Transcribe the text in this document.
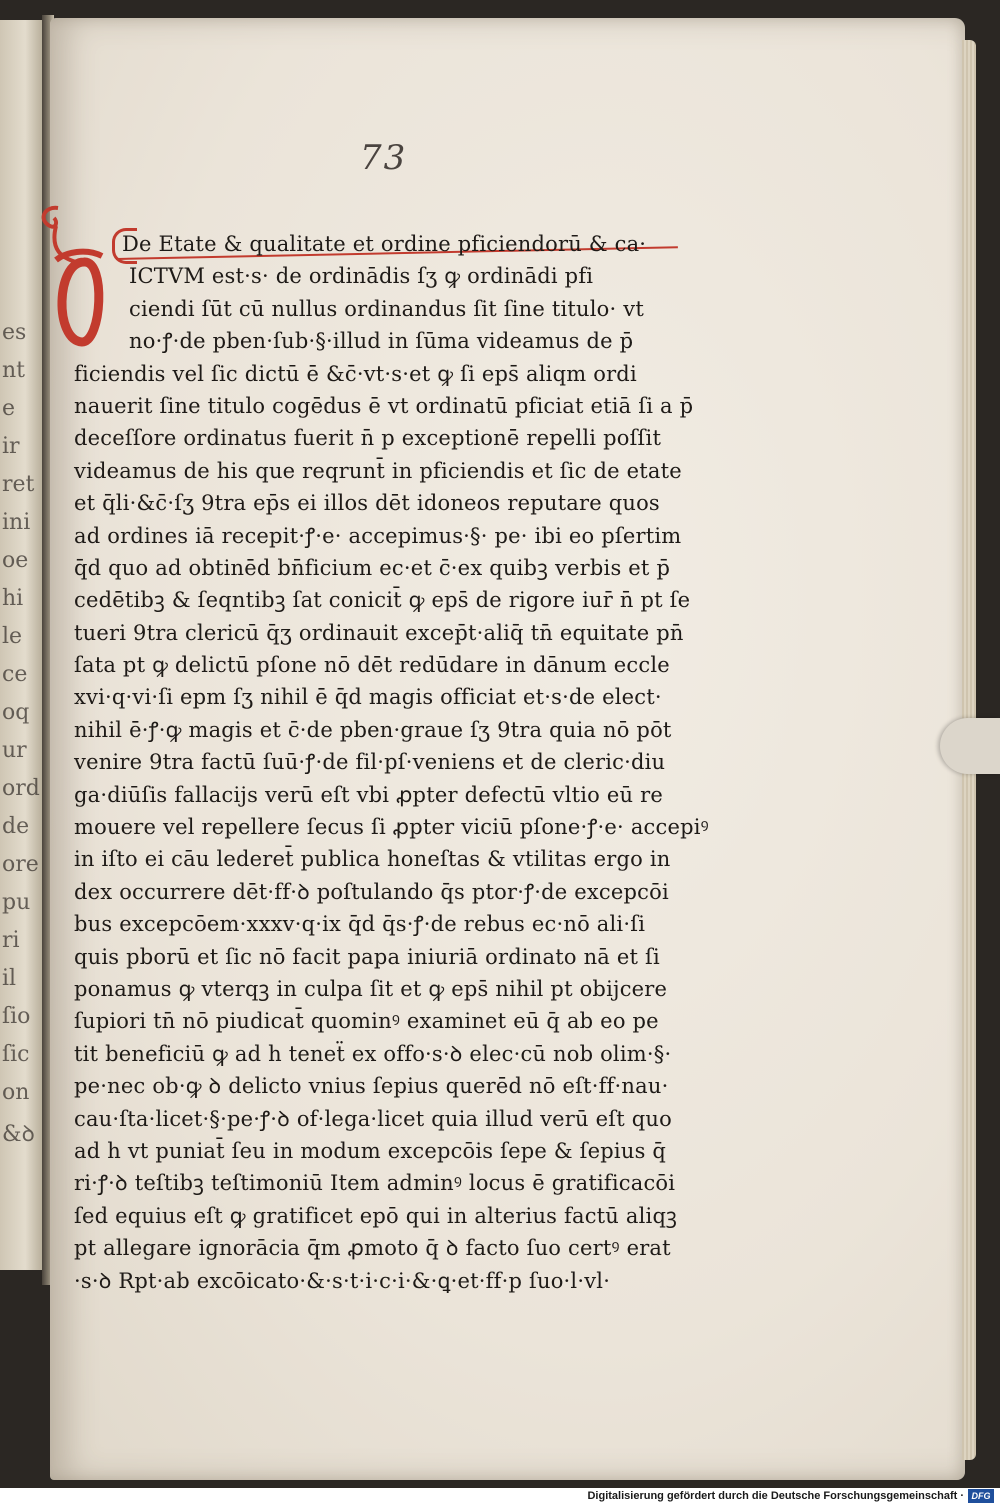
es
nt
e
ir
ret
ini
oe
hi
le
ce
oq
ur
ord
de
ore
pu
ri
il
ſio
ſic
on
&ꝺ
73
De Etate & qualitate et ordine pficiendorū & ca·
ICTVM est·s· de ordinādis ſʒ ꝙ ordinādi pfi
ciendi ſūt cū nullus ordinandus ſit ſine titulo· vt
no·ꝭ·de pben·ſub·§·illud in ſūma videamus de p̄
ficiendis vel ſic dictū ē &c̄·vt·s·et ꝙ ſi eps̄ aliqm ordi
nauerit ſine titulo cogēdus ē vt ordinatū pficiat etiā ſi a p̄
deceſſore ordinatus fuerit n̄ p exceptionē repelli poſſit
videamus de his que reqrunt̄ in pficiendis et ſic de etate
et q̄li·&c̄·ſʒ 9tra ep̄s ei illos dēt idoneos reputare quos
ad ordines iā recepit·ꝭ·e· accepimus·§· pe· ibi eo pſertim
q̄d quo ad obtinēd bn̄ficium ec·et c̄·ex quibꝫ verbis et p̄
cedētibꝫ & ſeqntibꝫ ſat conicit̄ ꝙ eps̄ de rigore iur̄ n̄ pt ſe
tueri 9tra clericū q̄ʒ ordinauit excep̄t·aliq̄ tn̄ equitate pn̄
ſata pt ꝙ delictū pſone nō dēt redūdare in dānum eccle
xvi·q·vi·ſi epm ſʒ nihil ē q̄d magis officiat et·s·de elect·
nihil ē·ꝭ·ꝙ magis et c̄·de pben·graue ſʒ 9tra quia nō pōt
venire 9tra factū ſuū·ꝭ·de fil·pſ·veniens et de cleric·diu
ga·diūſis fallacijs verū eſt vbi ꝓpter defectū vltio eū re
mouere vel repellere ſecus ſi ꝓpter viciū pſone·ꝭ·e· accepiꝰ
in iſto ei cāu lederet̄ publica honeſtas & vtilitas ergo in
dex occurrere dēt·ff·ꝺ poſtulando q̄s ptor·ꝭ·de excepcōi
bus excepcōem·xxxv·q·ix q̄d q̄s·ꝭ·de rebus ec·nō ali·ſi
quis pborū et ſic nō facit papa iniuriā ordinato nā et ſi
ponamus ꝙ vterqꝫ in culpa ſit et ꝙ eps̄ nihil pt obijcere
ſupiori tn̄ nō piudicat̄ quominꝰ examinet eū q̄ ab eo pe
tit beneficiū ꝙ ad h teneẗ ex offo·s·ꝺ elec·cū nob olim·§·
pe·nec ob·ꝙ ꝺ delicto vnius ſepius querēd nō eſt·ff·nau·
cau·ſta·licet·§·pe·ꝭ·ꝺ of·lega·licet quia illud verū eſt quo
ad h vt puniat̄ ſeu in modum excepcōis ſepe & ſepius q̄
ri·ꝭ·ꝺ teſtibꝫ teſtimoniū Item adminꝰ locus ē gratificacōi
ſed equius eſt ꝙ gratificet epō qui in alterius factū aliqꝫ
pt allegare ignorācia q̄m ꝓmoto q̄ ꝺ facto ſuo certꝰ erat
·s·ꝺ Rpt·ab excōicato·&·s·t·i·c·i·&·ꝗ·et·ff·p ſuo·l·vl·
Digitalisierung gefördert durch die Deutsche Forschungsgemeinschaft · DFG
